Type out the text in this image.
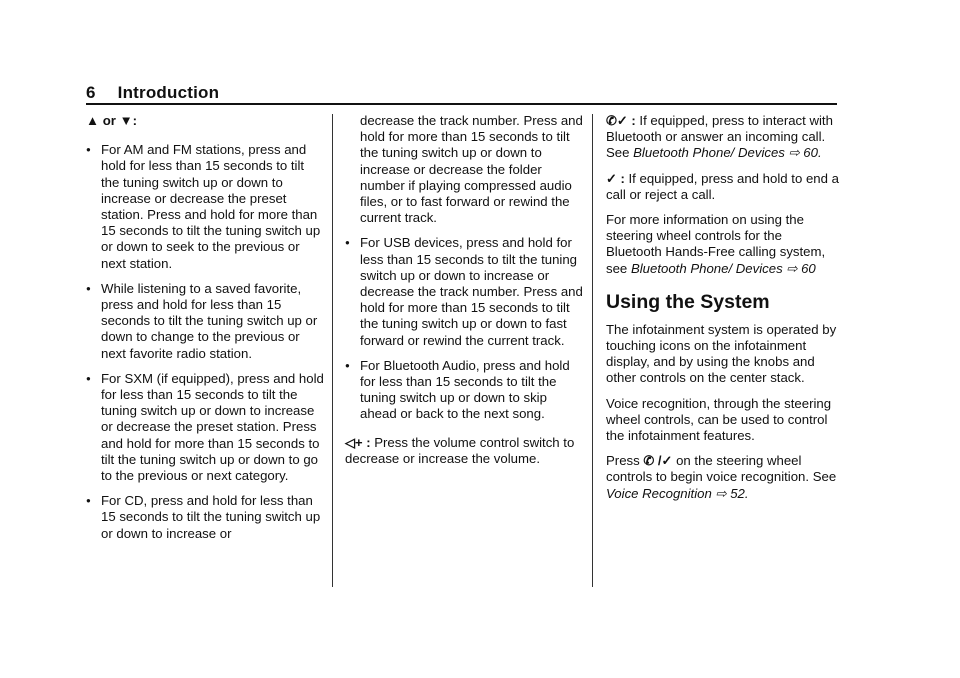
6 Introduction

▲ or ▼:

● For AM and FM stations, press and hold for less than 15 seconds to tilt the tuning switch up or down to increase or decrease the preset station. Press and hold for more than 15 seconds to tilt the tuning switch up or down to seek to the previous or next station.
● While listening to a saved favorite, press and hold for less than 15 seconds to tilt the tuning switch up or down to change to the previous or next favorite radio station.
● For SXM (if equipped), press and hold for less than 15 seconds to tilt the tuning switch up or down to increase or decrease the preset station. Press and hold for more than 15 seconds to tilt the tuning switch up or down to go to the previous or next category.
● For CD, press and hold for less than 15 seconds to tilt the tuning switch up or down to increase or
decrease the track number. Press and hold for more than 15 seconds to tilt the tuning switch up or down to increase or decrease the folder number if playing compressed audio files, or to fast forward or rewind the current track.
● For USB devices, press and hold for less than 15 seconds to tilt the tuning switch up or down to increase or decrease the track number. Press and hold for more than 15 seconds to tilt the tuning switch up or down to fast forward or rewind the current track.
● For Bluetooth Audio, press and hold for less than 15 seconds to tilt the tuning switch up or down to skip ahead or back to the next song.

◁+ : Press the volume control switch to decrease or increase the volume.

✆✓ : If equipped, press to interact with Bluetooth or answer an incoming call. See Bluetooth Phone/ Devices ⇨ 60.

✓ : If equipped, press and hold to end a call or reject a call.

For more information on using the steering wheel controls for the Bluetooth Hands-Free calling system, see Bluetooth Phone/ Devices ⇨ 60

Using the System

The infotainment system is operated by touching icons on the infotainment display, and by using the knobs and other controls on the center stack.

Voice recognition, through the steering wheel controls, can be used to control the infotainment features.

Press ✆ /✓ on the steering wheel controls to begin voice recognition. See Voice Recognition ⇨ 52.
